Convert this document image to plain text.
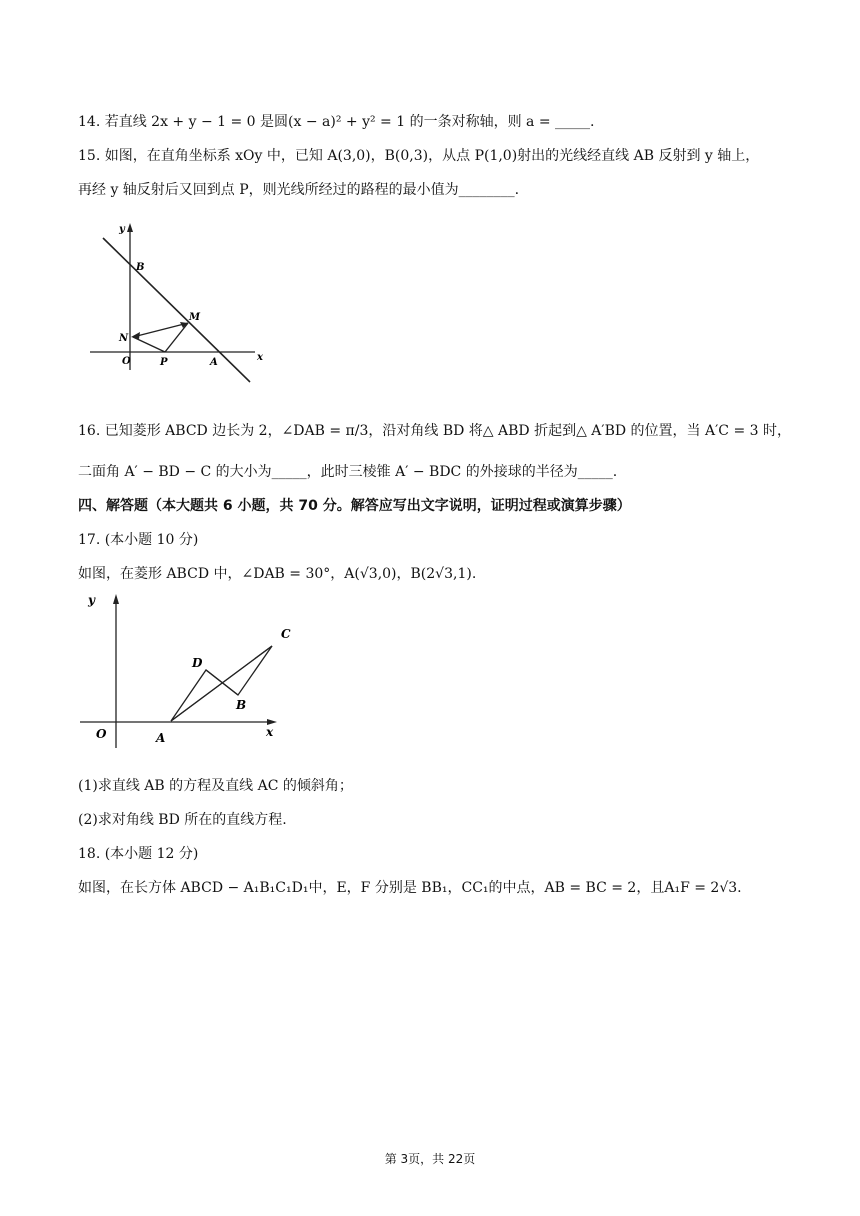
14. 若直线 2x + y − 1 = 0 是圆(x − a)² + y² = 1 的一条对称轴，则 a = _____.
15. 如图，在直角坐标系 xOy 中，已知 A(3,0)，B(0,3)，从点 P(1,0)射出的光线经直线 AB 反射到 y 轴上，
再经 y 轴反射后又回到点 P，则光线所经过的路程的最小值为________.
y
B
M
N
O	P	A	x
16. 已知菱形 ABCD 边长为 2，∠DAB = π/3，沿对角线 BD 将△ ABD 折起到△ A′BD 的位置，当 A′C = 3 时，
二面角 A′ − BD − C 的大小为_____，此时三棱锥 A′ − BDC 的外接球的半径为_____.
四、解答题（本大题共 6 小题，共 70 分。解答应写出文字说明，证明过程或演算步骤）
17. (本小题 10 分)
如图，在菱形 ABCD 中，∠DAB = 30°，A(√3,0)，B(2√3,1).
y
C
D
B
O	A	x
(1)求直线 AB 的方程及直线 AC 的倾斜角；
(2)求对角线 BD 所在的直线方程.
18. (本小题 12 分)
如图，在长方体 ABCD − A₁B₁C₁D₁中，E，F 分别是 BB₁，CC₁的中点，AB = BC = 2，且A₁F = 2√3.
第 3页，共 22页
